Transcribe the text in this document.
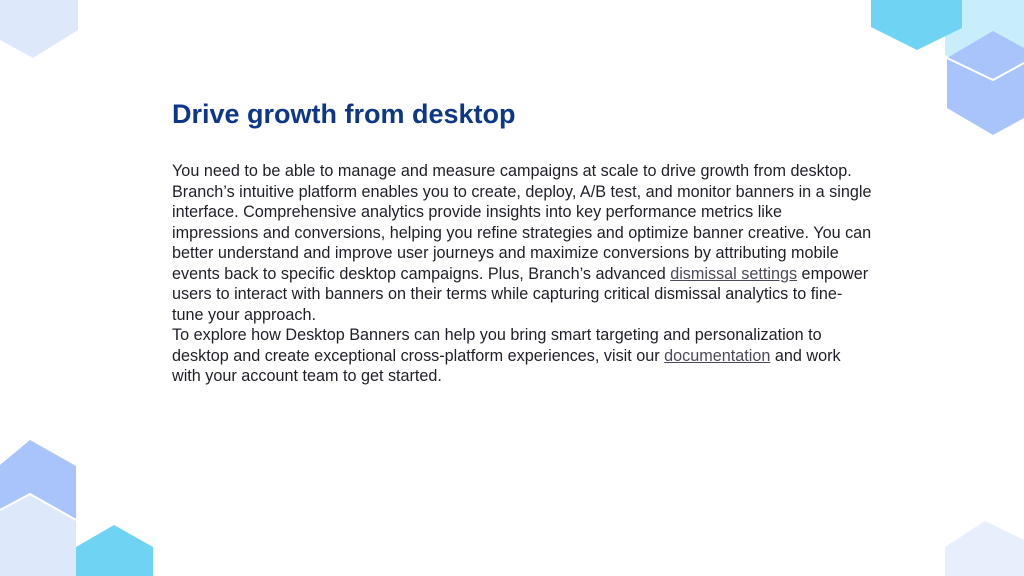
Drive growth from desktop

You need to be able to manage and measure campaigns at scale to drive growth from desktop. Branch’s intuitive platform enables you to create, deploy, A/B test, and monitor banners in a single interface. Comprehensive analytics provide insights into key performance metrics like impressions and conversions, helping you refine strategies and optimize banner creative. You can better understand and improve user journeys and maximize conversions by attributing mobile events back to specific desktop campaigns. Plus, Branch’s advanced dismissal settings empower users to interact with banners on their terms while capturing critical dismissal analytics to fine-tune your approach.

To explore how Desktop Banners can help you bring smart targeting and personalization to desktop and create exceptional cross-platform experiences, visit our documentation and work with your account team to get started.
